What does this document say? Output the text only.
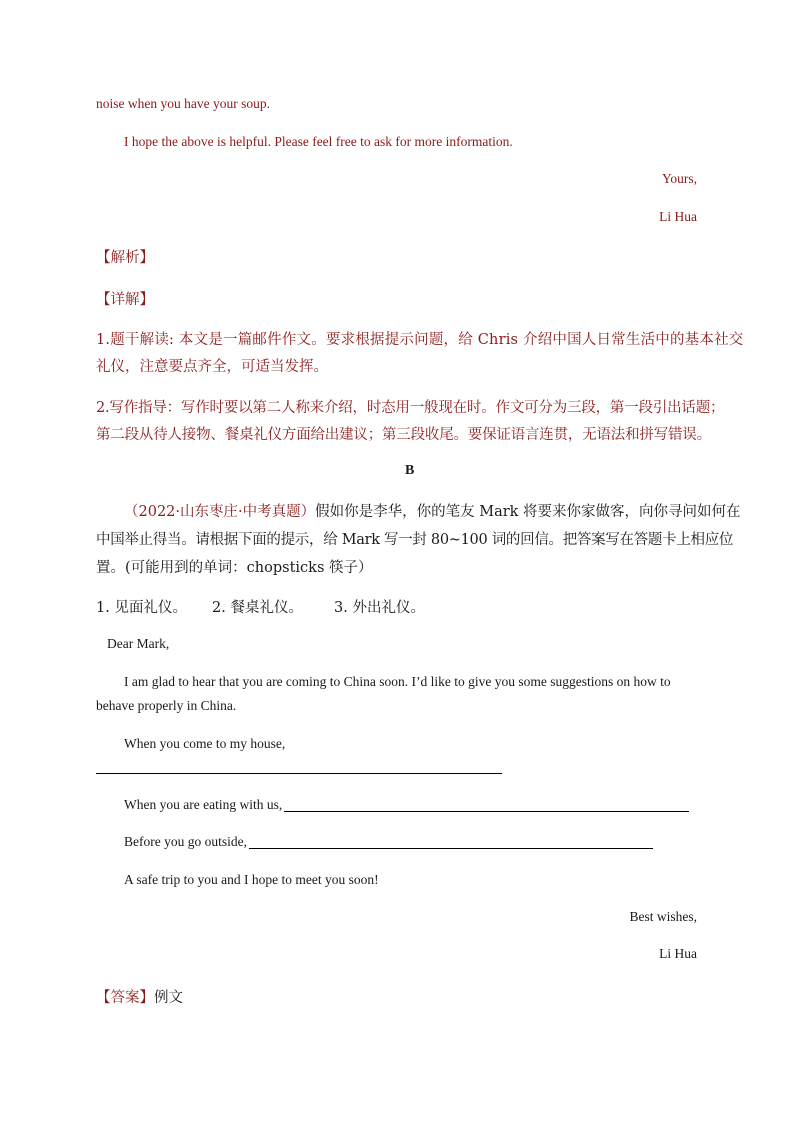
noise when you have your soup.
I hope the above is helpful. Please feel free to ask for more information.
Yours,
Li Hua
【解析】
【详解】
1.题干解读: 本文是一篇邮件作文。要求根据提示问题，给 Chris 介绍中国人日常生活中的基本社交
礼仪，注意要点齐全，可适当发挥。
2.写作指导：写作时要以第二人称来介绍，时态用一般现在时。作文可分为三段，第一段引出话题；
第二段从待人接物、餐桌礼仪方面给出建议；第三段收尾。要保证语言连贯，无语法和拼写错误。
B
（2022·山东枣庄·中考真题）假如你是李华，你的笔友 Mark 将要来你家做客，向你寻问如何在
中国举止得当。请根据下面的提示，给 Mark 写一封 80~100 词的回信。把答案写在答题卡上相应位
置。(可能用到的单词：chopsticks 筷子）
1. 见面礼仪。 2. 餐桌礼仪。 3. 外出礼仪。
Dear Mark,
I am glad to hear that you are coming to China soon. I’d like to give you some suggestions on how to
behave properly in China.
When you come to my house,
When you are eating with us,
Before you go outside,
A safe trip to you and I hope to meet you soon!
Best wishes,
Li Hua
【答案】例文
